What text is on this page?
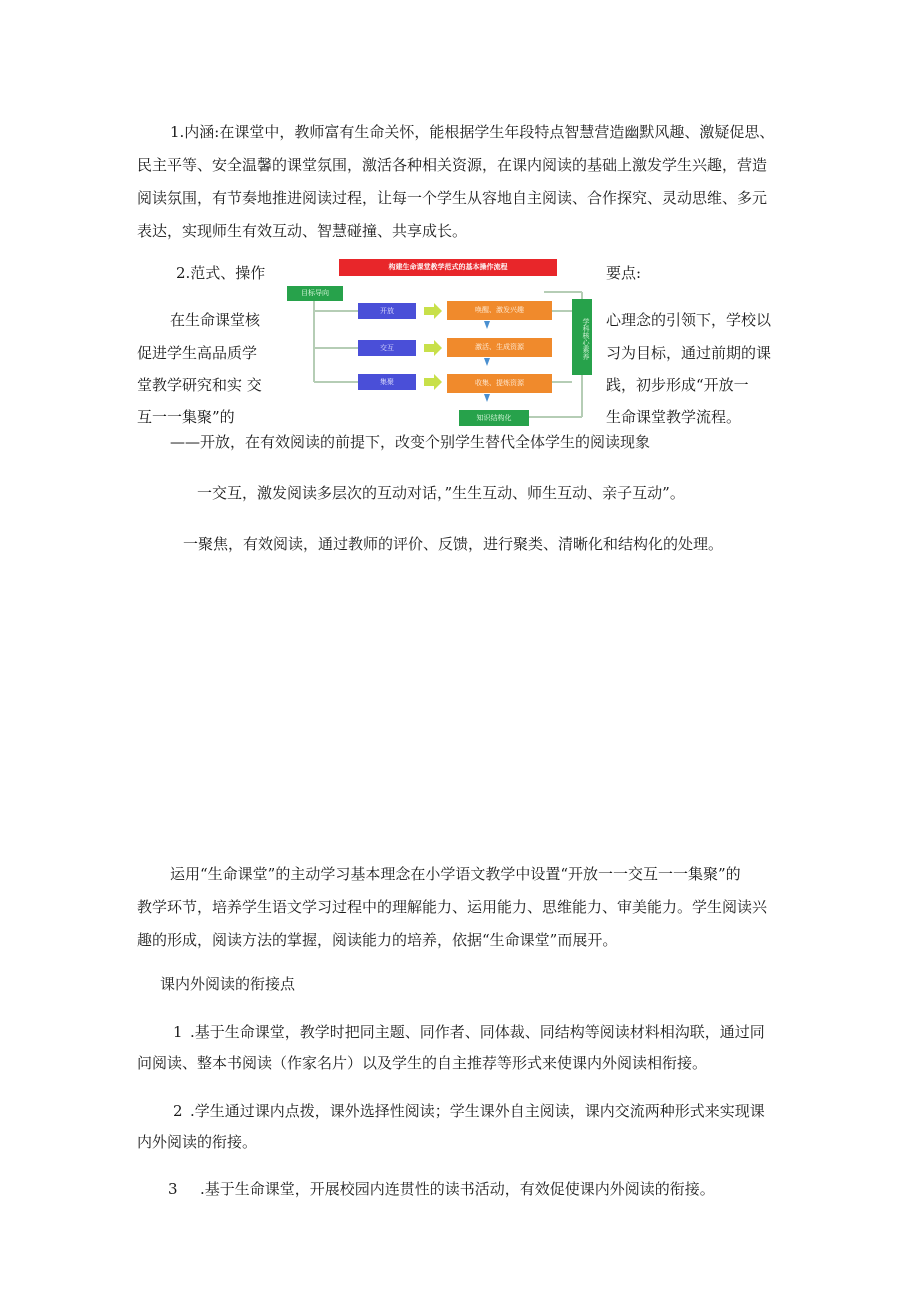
1.内涵:在课堂中，教师富有生命关怀，能根据学生年段特点智慧营造幽默风趣、激疑促思、
民主平等、安全温馨的课堂氛围，激活各种相关资源，在课内阅读的基础上激发学生兴趣，营造
阅读氛围，有节奏地推进阅读过程，让每一个学生从容地自主阅读、合作探究、灵动思维、多元
表达，实现师生有效互动、智慧碰撞、共享成长。
2.范式、操作	要点:
在生命课堂核
促进学生高品质学
堂教学研究和实 交
互一一集聚”的
心理念的引领下，学校以
习为目标，通过前期的课
践，初步形成“开放一
生命课堂教学流程。
构建生命课堂教学范式的基本操作流程
目标导向
开放
交互
集聚
唤醒、激发兴趣
激活、生成资源
收集、提炼资源
学科核心素养
知识结构化
——开放，在有效阅读的前提下，改变个别学生替代全体学生的阅读现象
一交互，激发阅读多层次的互动对话，”生生互动、师生互动、亲子互动”。
一聚焦，有效阅读，通过教师的评价、反馈，进行聚类、清晰化和结构化的处理。
运用“生命课堂”的主动学习基本理念在小学语文教学中设置“开放一一交互一一集聚”的
教学环节，培养学生语文学习过程中的理解能力、运用能力、思维能力、审美能力。学生阅读兴
趣的形成，阅读方法的掌握，阅读能力的培养，依据“生命课堂”而展开。
课内外阅读的衔接点
1 .基于生命课堂，教学时把同主题、同作者、同体裁、同结构等阅读材料相沟联，通过同
问阅读、整本书阅读（作家名片）以及学生的自主推荐等形式来使课内外阅读相衔接。
2 .学生通过课内点拨，课外选择性阅读；学生课外自主阅读，课内交流两种形式来实现课
内外阅读的衔接。
3 .基于生命课堂，开展校园内连贯性的读书活动，有效促使课内外阅读的衔接。
